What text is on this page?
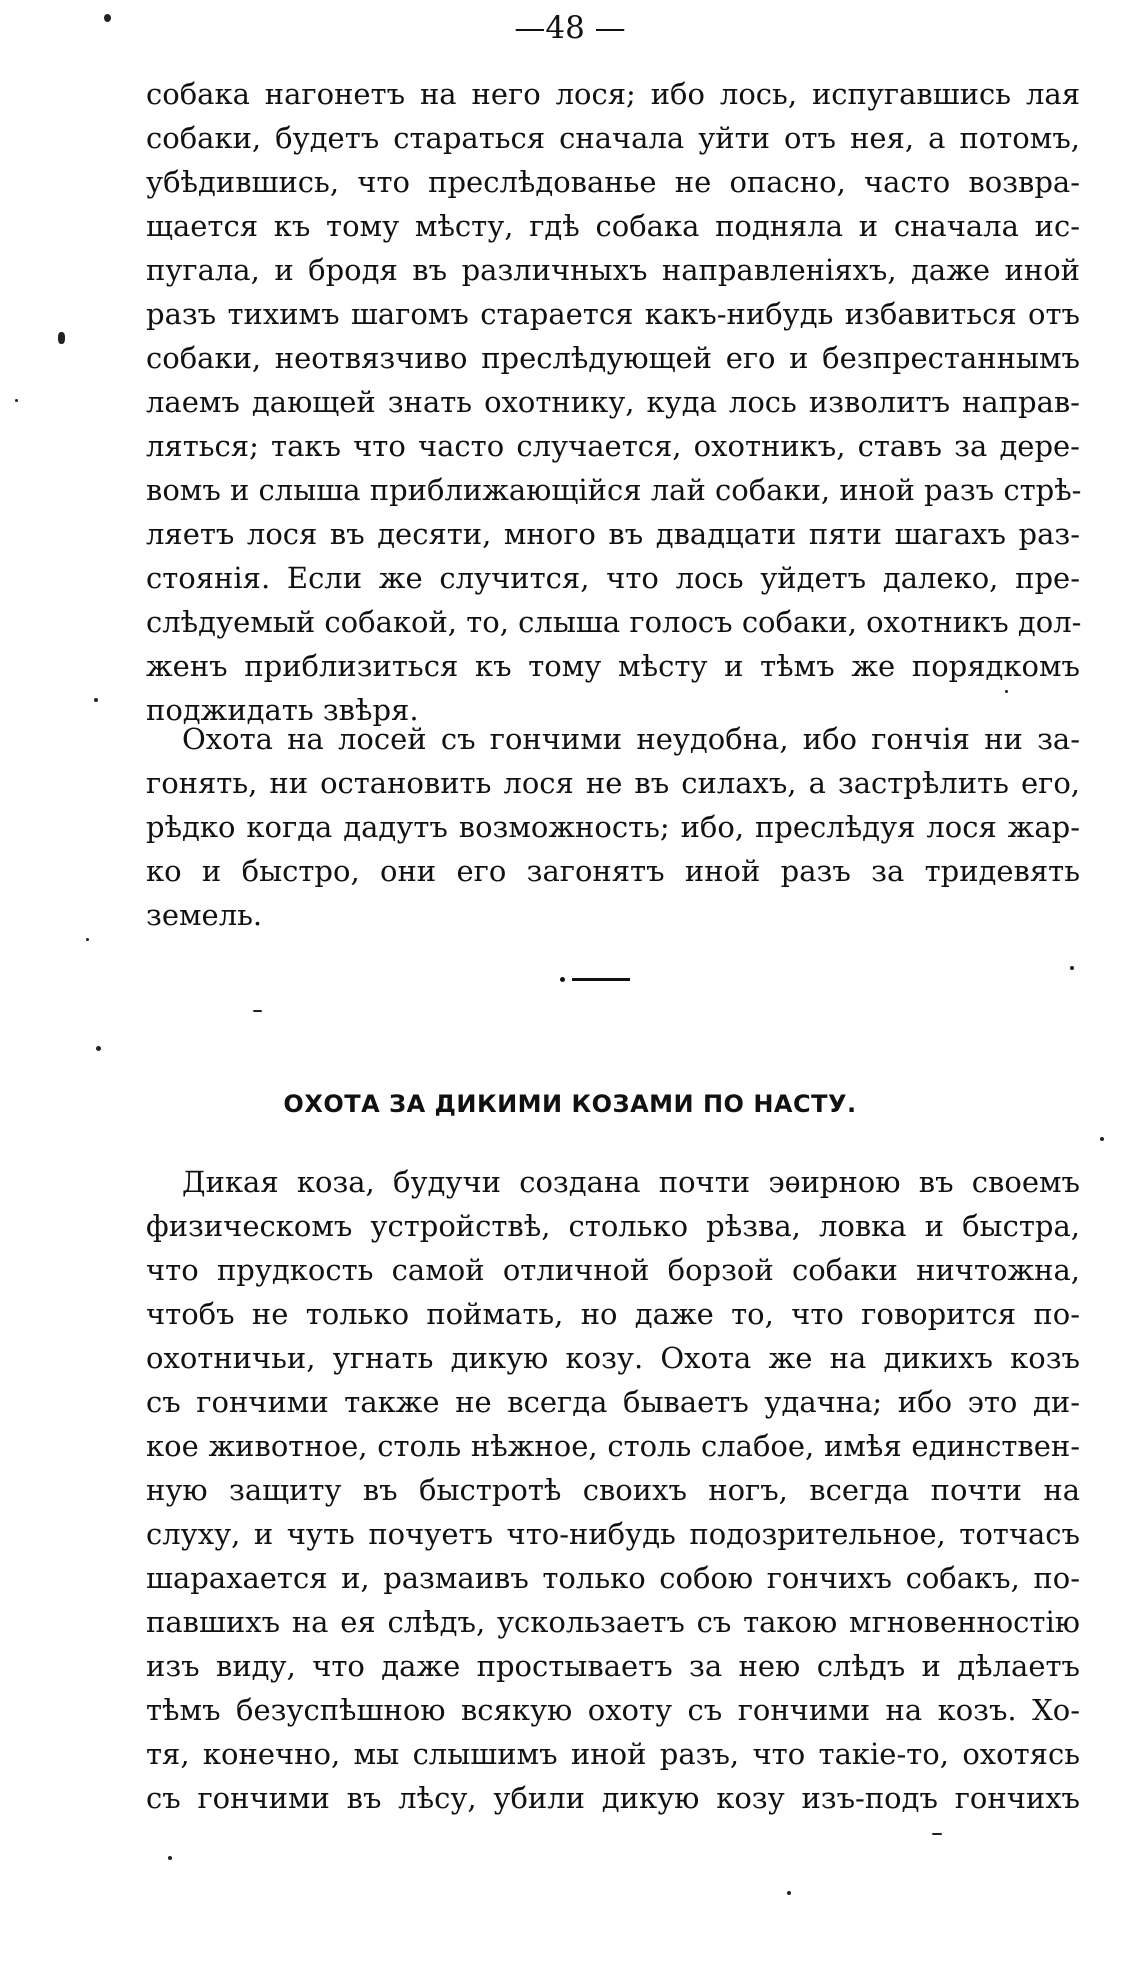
—48 —
собака нагонетъ на него лося; ибо лось, испугавшись лая
собаки, будетъ стараться сначала уйти отъ нея, а потомъ,
убѣдившись, что преслѣдованье не опасно, часто возвра-
щается къ тому мѣсту, гдѣ собака подняла и сначала ис-
пугала, и бродя въ различныхъ направленіяхъ, даже иной
разъ тихимъ шагомъ старается какъ-нибудь избавиться отъ
собаки, неотвязчиво преслѣдующей его и безпрестаннымъ
лаемъ дающей знать охотнику, куда лось изволитъ направ-
ляться; такъ что часто случается, охотникъ, ставъ за дере-
вомъ и слыша приближающійся лай собаки, иной разъ стрѣ-
ляетъ лося въ десяти, много въ двадцати пяти шагахъ раз-
стоянія. Если же случится, что лось уйдетъ далеко, пре-
слѣдуемый собакой, то, слыша голосъ собаки, охотникъ дол-
женъ приблизиться къ тому мѣсту и тѣмъ же порядкомъ
поджидать звѣря.
Охота на лосей съ гончими неудобна, ибо гончія ни за-
гонять, ни остановить лося не въ силахъ, а застрѣлить его,
рѣдко когда дадутъ возможность; ибо, преслѣдуя лося жар-
ко и быстро, они его загонятъ иной разъ за тридевять
земель.
ОХОТА ЗА ДИКИМИ КОЗАМИ ПО НАСТУ.
Дикая коза, будучи создана почти эѳирною въ своемъ
физическомъ устройствѣ, столько рѣзва, ловка и быстра,
что прудкость самой отличной борзой собаки ничтожна,
чтобъ не только поймать, но даже то, что говорится по-
охотничьи, угнать дикую козу. Охота же на дикихъ козъ
съ гончими также не всегда бываетъ удачна; ибо это ди-
кое животное, столь нѣжное, столь слабое, имѣя единствен-
ную защиту въ быстротѣ своихъ ногъ, всегда почти на
слуху, и чуть почуетъ что-нибудь подозрительное, тотчасъ
шарахается и, размаивъ только собою гончихъ собакъ, по-
павшихъ на ея слѣдъ, ускользаетъ съ такою мгновенностію
изъ виду, что даже простываетъ за нею слѣдъ и дѣлаетъ
тѣмъ безуспѣшною всякую охоту съ гончими на козъ. Хо-
тя, конечно, мы слышимъ иной разъ, что такіе-то, охотясь
съ гончими въ лѣсу, убили дикую козу изъ-подъ гончихъ
